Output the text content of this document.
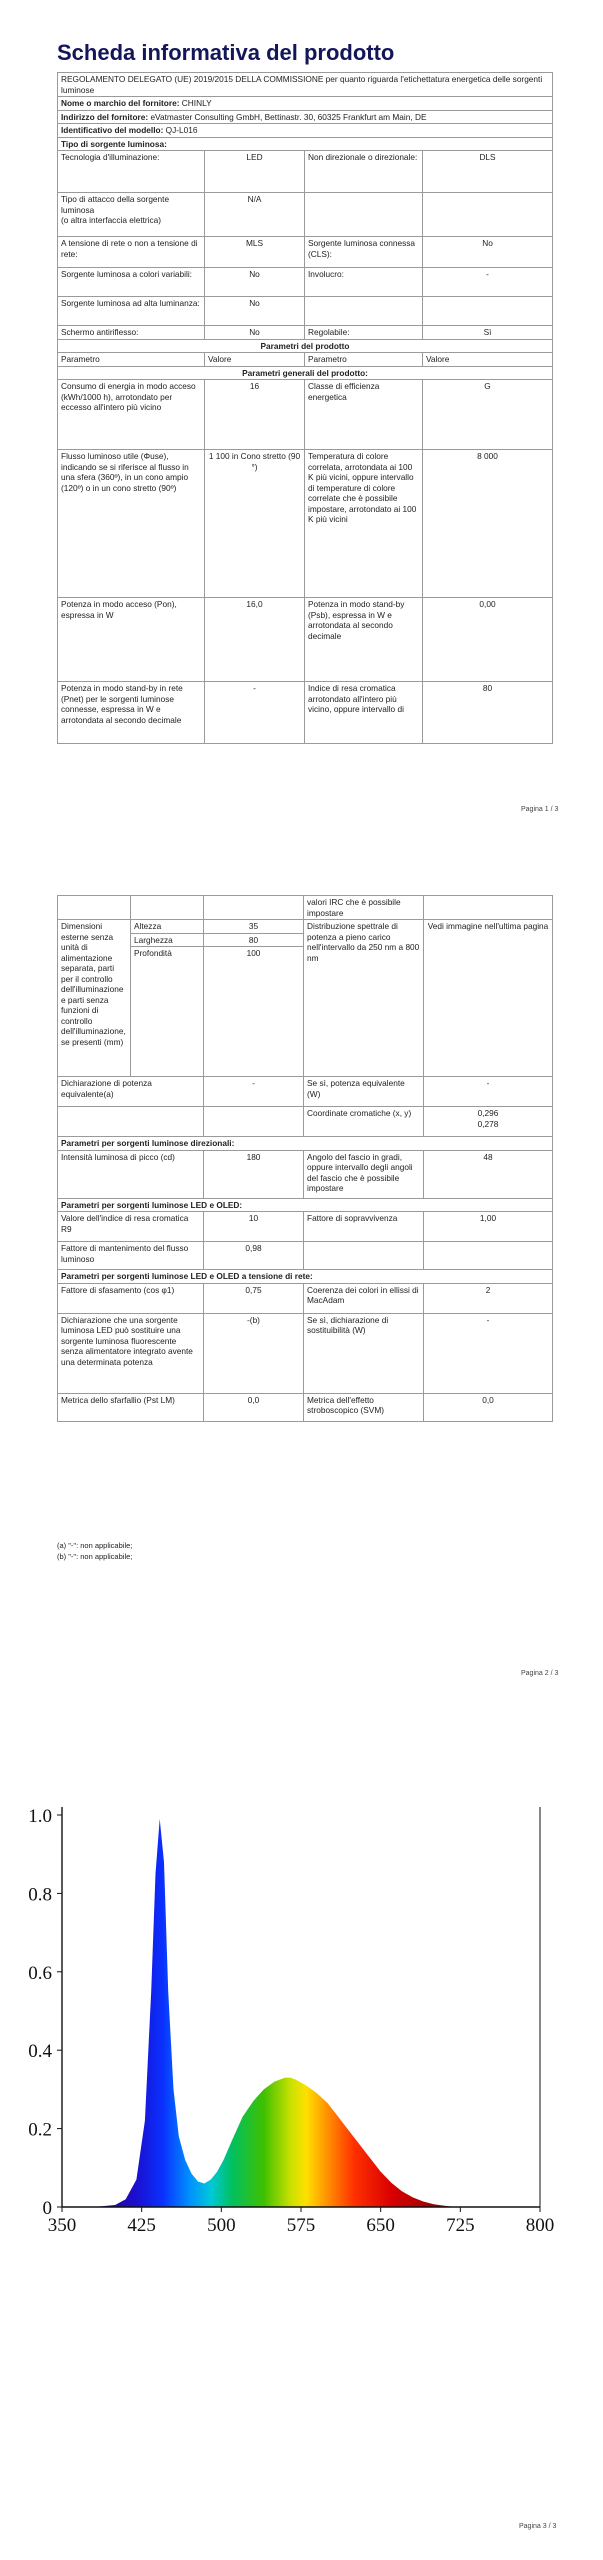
Scheda informativa del prodotto
REGOLAMENTO DELEGATO (UE) 2019/2015 DELLA COMMISSIONE per quanto riguarda l'etichettatura energetica delle sorgenti luminose			
Nome o marchio del fornitore: CHINLY			
Indirizzo del fornitore: eVatmaster Consulting GmbH, Bettinastr. 30, 60325 Frankfurt am Main, DE			
Identificativo del modello: QJ-L016			
Tipo di sorgente luminosa:			
Tecnologia d'illuminazione:	LED	Non direzionale o direzionale:	DLS
Tipo di attacco della sorgente luminosa
(o altra interfaccia elettrica)	N/A		
A tensione di rete o non a tensione di rete:	MLS	Sorgente luminosa connessa (CLS):	No
Sorgente luminosa a colori variabili:	No	Involucro:	-
Sorgente luminosa ad alta luminanza:	No		
Schermo antiriflesso:	No	Regolabile:	Sì
Parametri del prodotto			
Parametro	Valore	Parametro	Valore
Parametri generali del prodotto:			
Consumo di energia in modo acceso (kWh/1000 h), arrotondato per eccesso all'intero più vicino	16	Classe di efficienza energetica	G
Flusso luminoso utile (Φuse), indicando se si riferisce al flusso in una sfera (360º), in un cono ampio (120º) o in un cono stretto (90º)	1 100 in Cono stretto (90 °)	Temperatura di colore correlata, arrotondata ai 100 K più vicini, oppure intervallo di temperature di colore correlate che è possibile impostare, arrotondato ai 100 K più vicini	8 000
Potenza in modo acceso (Pon), espressa in W	16,0	Potenza in modo stand-by (Psb), espressa in W e arrotondata al secondo decimale	0,00
Potenza in modo stand-by in rete (Pnet) per le sorgenti luminose connesse, espressa in W e arrotondata al secondo decimale	-	Indice di resa cromatica arrotondato all'intero più vicino, oppure intervallo di	80
Pagina 1 / 3
			valori IRC che è possibile impostare	
Dimensioni esterne senza unità di alimentazione separata, parti per il controllo dell'illuminazione e parti senza funzioni di controllo dell'illuminazione, se presenti (mm)	Altezza	35	Distribuzione spettrale di potenza a pieno carico nell'intervallo da 250 nm a 800 nm	Vedi immagine nell'ultima pagina
	Larghezza	80		
	Profondità	100		
Dichiarazione di potenza equivalente(a)		-	Se sì, potenza equivalente (W)	-
			Coordinate cromatiche (x, y)	0,296
0,278

Parametri per sorgenti luminose direzionali:				
Intensità luminosa di picco (cd)		180	Angolo del fascio in gradi, oppure intervallo degli angoli del fascio che è possibile impostare	48
Parametri per sorgenti luminose LED e OLED:				
Valore dell'indice di resa cromatica R9		10	Fattore di sopravvivenza	1,00
Fattore di mantenimento del flusso luminoso		0,98		
Parametri per sorgenti luminose LED e OLED a tensione di rete:				
Fattore di sfasamento (cos φ1)		0,75	Coerenza dei colori in ellissi di MacAdam	2
Dichiarazione che una sorgente luminosa LED può sostituire una sorgente luminosa fluorescente senza alimentatore integrato avente una determinata potenza		-(b)	Se sì, dichiarazione di sostituibilità (W)	-
Metrica dello sfarfallio (Pst LM)		0,0	Metrica dell'effetto stroboscopico (SVM)	0,0
(a) "-": non applicabile;
(b) "-": non applicabile;
Pagina 2 / 3
350	425	500	575	650	725	800
0
0.2
0.4
0.6
0.8
1.0
Pagina 3 / 3
